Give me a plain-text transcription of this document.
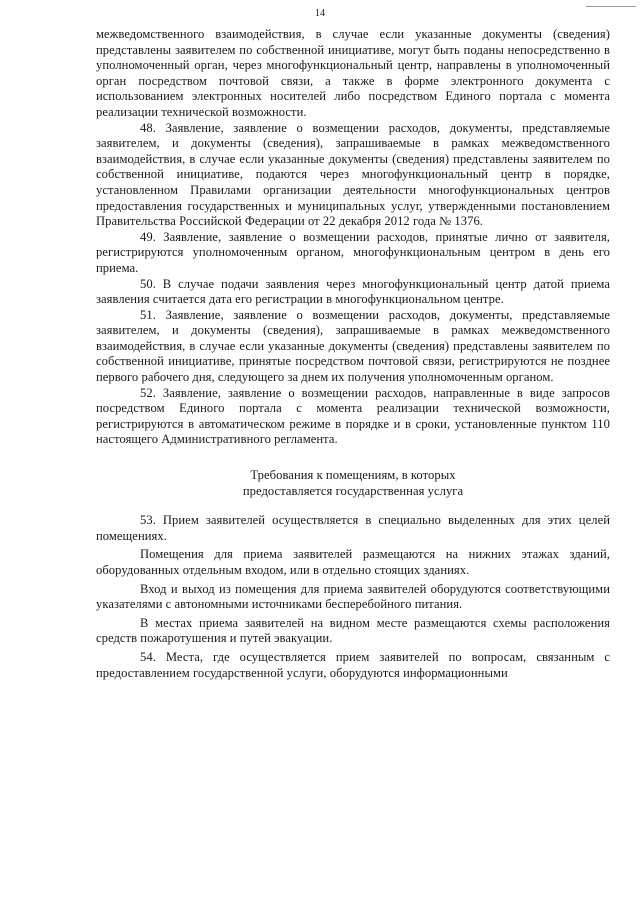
14

межведомственного взаимодействия, в случае если указанные документы (сведения) представлены заявителем по собственной инициативе, могут быть поданы непосредственно в уполномоченный орган, через многофункциональный центр, направлены в уполномоченный орган посредством почтовой связи, а также в форме электронного документа с использованием электронных носителей либо посредством Единого портала с момента реализации технической возможности.

48. Заявление, заявление о возмещении расходов, документы, представляемые заявителем, и документы (сведения), запрашиваемые в рамках межведомственного взаимодействия, в случае если указанные документы (сведения) представлены заявителем по собственной инициативе, подаются через многофункциональный центр в порядке, установленном Правилами организации деятельности многофункциональных центров предоставления государственных и муниципальных услуг, утвержденными постановлением Правительства Российской Федерации от 22 декабря 2012 года № 1376.

49. Заявление, заявление о возмещении расходов, принятые лично от заявителя, регистрируются уполномоченным органом, многофункциональным центром в день его приема.

50. В случае подачи заявления через многофункциональный центр датой приема заявления считается дата его регистрации в многофункциональном центре.

51. Заявление, заявление о возмещении расходов, документы, представляемые заявителем, и документы (сведения), запрашиваемые в рамках межведомственного взаимодействия, в случае если указанные документы (сведения) представлены заявителем по собственной инициативе, принятые посредством почтовой связи, регистрируются не позднее первого рабочего дня, следующего за днем их получения уполномоченным органом.

52. Заявление, заявление о возмещении расходов, направленные в виде запросов посредством Единого портала с момента реализации технической возможности, регистрируются в автоматическом режиме в порядке и в сроки, установленные пунктом 110 настоящего Административного регламента.

Требования к помещениям, в которых
предоставляется государственная услуга

53. Прием заявителей осуществляется в специально выделенных для этих целей помещениях.

Помещения для приема заявителей размещаются на нижних этажах зданий, оборудованных отдельным входом, или в отдельно стоящих зданиях.

Вход и выход из помещения для приема заявителей оборудуются соответствующими указателями с автономными источниками бесперебойного питания.

В местах приема заявителей на видном месте размещаются схемы расположения средств пожаротушения и путей эвакуации.

54. Места, где осуществляется прием заявителей по вопросам, связанным с предоставлением государственной услуги, оборудуются информационными
